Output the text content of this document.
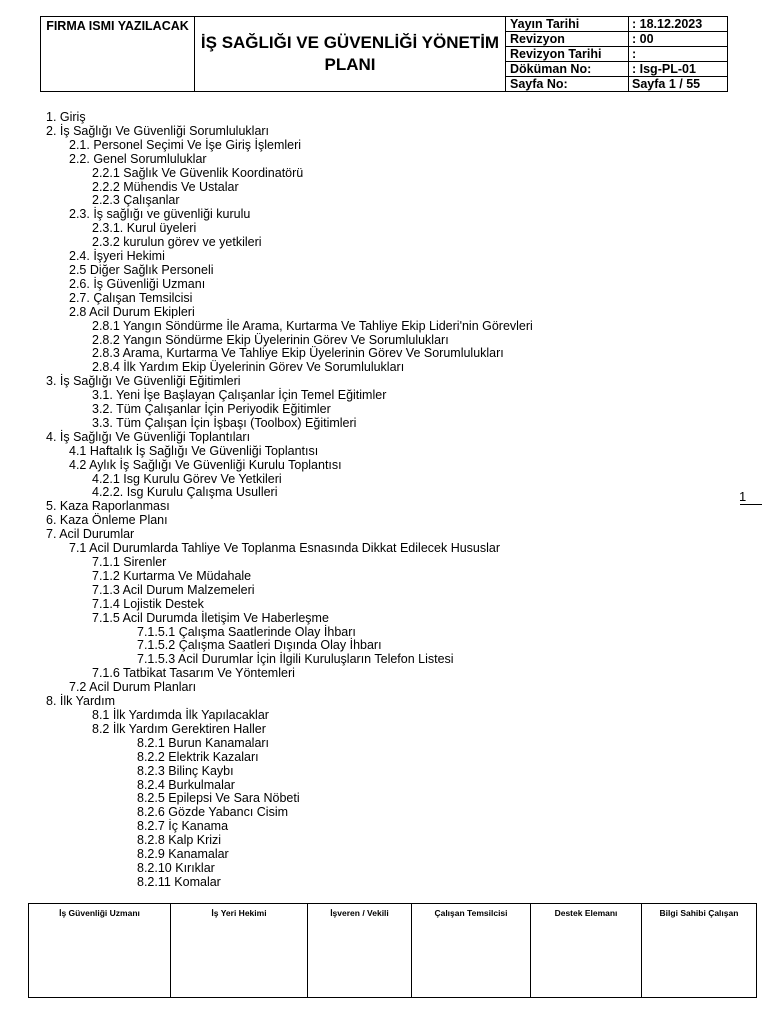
FIRMA ISMI YAZILACAK	İŞ SAĞLIĞI VE GÜVENLİĞİ YÖNETİM PLANI	Yayın Tarihi	: 18.12.2023
		Revizyon	: 00
		Revizyon Tarihi	:
		Döküman No:	: Isg-PL-01
		Sayfa No:	Sayfa 1 / 55
1. Giriş
2. İş Sağlığı Ve Güvenliği Sorumlulukları
2.1. Personel Seçimi Ve İşe Giriş İşlemleri
2.2. Genel Sorumluluklar
2.2.1 Sağlık Ve Güvenlik Koordinatörü
2.2.2 Mühendis Ve Ustalar
2.2.3 Çalışanlar
2.3. İş sağlığı ve güvenliği kurulu
2.3.1. Kurul üyeleri
2.3.2 kurulun görev ve yetkileri
2.4. İşyeri Hekimi
2.5 Diğer Sağlık Personeli
2.6. İş Güvenliği Uzmanı
2.7. Çalışan Temsilcisi
2.8 Acil Durum Ekipleri
2.8.1 Yangın Söndürme İle Arama, Kurtarma Ve Tahliye Ekip Lideri'nin Görevleri
2.8.2 Yangın Söndürme Ekip Üyelerinin Görev Ve Sorumlulukları
2.8.3 Arama, Kurtarma Ve Tahliye Ekip Üyelerinin Görev Ve Sorumlulukları
2.8.4 İlk Yardım Ekip Üyelerinin Görev Ve Sorumlulukları
3. İş Sağlığı Ve Güvenliği Eğitimleri
3.1. Yeni İşe Başlayan Çalışanlar İçin Temel Eğitimler
3.2. Tüm Çalışanlar İçin Periyodik Eğitimler
3.3. Tüm Çalışan İçin İşbaşı (Toolbox) Eğitimleri
4. İş Sağlığı Ve Güvenliği Toplantıları
4.1 Haftalık İş Sağlığı Ve Güvenliği Toplantısı
4.2 Aylık İş Sağlığı Ve Güvenliği Kurulu Toplantısı
4.2.1 Isg Kurulu Görev Ve Yetkileri
4.2.2. Isg Kurulu Çalışma Usulleri
5. Kaza Raporlanması
6. Kaza Önleme Planı
7. Acil Durumlar
7.1 Acil Durumlarda Tahliye Ve Toplanma Esnasında Dikkat Edilecek Hususlar
7.1.1 Sirenler
7.1.2 Kurtarma Ve Müdahale
7.1.3 Acil Durum Malzemeleri
7.1.4 Lojistik Destek
7.1.5 Acil Durumda İletişim Ve Haberleşme
7.1.5.1 Çalışma Saatlerinde Olay İhbarı
7.1.5.2 Çalışma Saatleri Dışında Olay İhbarı
7.1.5.3 Acil Durumlar İçin İlgili Kuruluşların Telefon Listesi
7.1.6 Tatbikat Tasarım Ve Yöntemleri
7.2 Acil Durum Planları
8. İlk Yardım
8.1 İlk Yardımda İlk Yapılacaklar
8.2 İlk Yardım Gerektiren Haller
8.2.1 Burun Kanamaları
8.2.2 Elektrik Kazaları
8.2.3 Bilinç Kaybı
8.2.4 Burkulmalar
8.2.5 Epilepsi Ve Sara Nöbeti
8.2.6 Gözde Yabancı Cisim
8.2.7 İç Kanama
8.2.8 Kalp Krizi
8.2.9 Kanamalar
8.2.10 Kırıklar
8.2.11 Komalar
1
İş Güvenliği Uzmanı	İş Yeri Hekimi	İşveren / Vekili	Çalışan Temsilcisi	Destek Elemanı	Bilgi Sahibi Çalışan
